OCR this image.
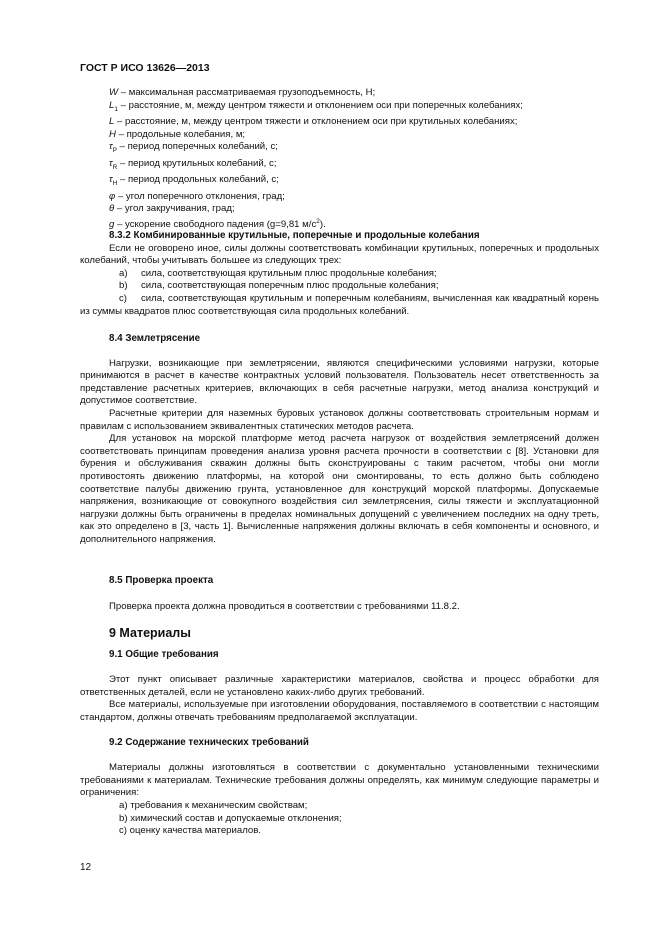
ГОСТ Р ИСО 13626—2013

W – максимальная рассматриваемая грузоподъемность, Н;

$L_1$ – расстояние, м, между центром тяжести и отклонением оси при поперечных колебаниях;

L – расстояние, м, между центром тяжести и отклонением оси при крутильных колебаниях;

H – продольные колебания, м;

$\tau_P$ – период поперечных колебаний, с;

$\tau_R$ – период крутильных колебаний, с;

$\tau_H$ – период продольных колебаний, с;

φ – угол поперечного отклонения, град;

θ – угол закручивания, град;

g – ускорение свободного падения (g=9,81 $м/с^2$).

8.3.2 Комбинированные крутильные, поперечные и продольные колебания

Если не оговорено иное, силы должны соответствовать комбинации крутильных, поперечных и продольных колебаний, чтобы учитывать большее из следующих трех:

а) сила, соответствующая крутильным плюс продольные колебания;

b) сила, соответствующая поперечным плюс продольные колебания;

c) сила, соответствующая крутильным и поперечным колебаниям, вычисленная как квадратный корень из суммы квадратов плюс соответствующая сила продольных колебаний.

8.4 Землетрясение

Нагрузки, возникающие при землетрясении, являются специфическими условиями нагрузки, которые принимаются в расчет в качестве контрактных условий пользователя. Пользователь несет ответственность за представление расчетных критериев, включающих в себя расчетные нагрузки, метод анализа конструкций и допустимое соответствие.

Расчетные критерии для наземных буровых установок должны соответствовать строительным нормам и правилам с использованием эквивалентных статических методов расчета.

Для установок на морской платформе метод расчета нагрузок от воздействия землетрясений должен соответствовать принципам проведения анализа уровня расчета прочности в соответствии с [8]. Установки для бурения и обслуживания скважин должны быть сконструированы с таким расчетом, чтобы они могли противостоять движению платформы, на которой они смонтированы, то есть должно быть соблюдено соответствие палубы движению грунта, установленное для конструкций морской платформы. Допускаемые напряжения, возникающие от совокупного воздействия сил землетрясения, силы тяжести и эксплуатационной нагрузки должны быть ограничены в пределах номинальных допущений с увеличением последних на одну треть, как это определено в [3, часть 1]. Вычисленные напряжения должны включать в себя компоненты и основного, и дополнительного напряжения.

8.5 Проверка проекта

Проверка проекта должна проводиться в соответствии с требованиями 11.8.2.

9 Материалы

9.1 Общие требования

Этот пункт описывает различные характеристики материалов, свойства и процесс обработки для ответственных деталей, если не установлено каких-либо других требований.

Все материалы, используемые при изготовлении оборудования, поставляемого в соответствии с настоящим стандартом, должны отвечать требованиям предполагаемой эксплуатации.

9.2 Содержание технических требований

Материалы должны изготовляться в соответствии с документально установленными техническими требованиями к материалам. Технические требования должны определять, как минимум следующие параметры и ограничения:

а) требования к механическим свойствам;

b) химический состав и допускаемые отклонения;

c) оценку качества материалов.

12
